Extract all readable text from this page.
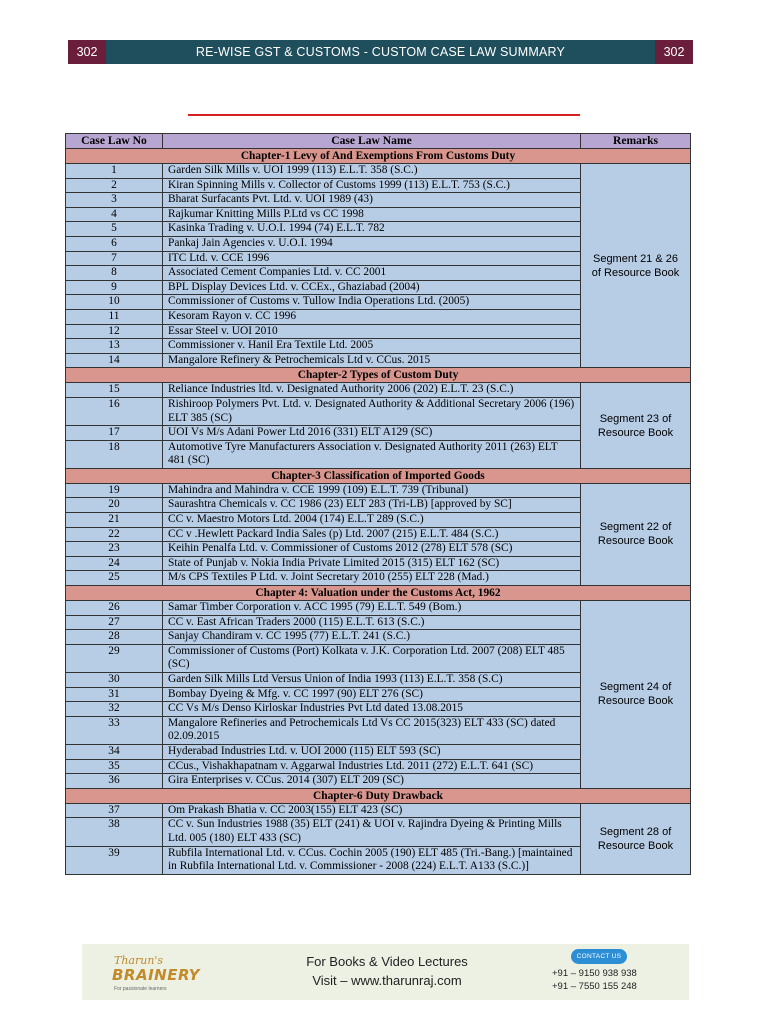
302	RE-WISE GST & CUSTOMS - CUSTOM CASE LAW SUMMARY	302
Case Law No	Case Law Name	Remarks
Chapter-1 Levy of And Exemptions From Customs Duty		
1	Garden Silk Mills v. UOI 1999 (113) E.L.T. 358 (S.C.)	Segment 21 & 26 of Resource Book
2	Kiran Spinning Mills v. Collector of Customs 1999 (113) E.L.T. 753 (S.C.)	
3	Bharat Surfacants Pvt. Ltd. v. UOI 1989 (43)	
4	Rajkumar Knitting Mills P.Ltd vs CC 1998	
5	Kasinka Trading v. U.O.I. 1994 (74) E.L.T. 782	
6	Pankaj Jain Agencies v. U.O.I. 1994	
7	ITC Ltd. v. CCE 1996	
8	Associated Cement Companies Ltd. v. CC 2001	
9	BPL Display Devices Ltd. v. CCEx., Ghaziabad (2004)	
10	Commissioner of Customs v. Tullow India Operations Ltd. (2005)	
11	Kesoram Rayon v. CC 1996	
12	Essar Steel v. UOI 2010	
13	Commissioner v. Hanil Era Textile Ltd. 2005	
14	Mangalore Refinery & Petrochemicals Ltd v. CCus. 2015	
Chapter-2 Types of Custom Duty		
15	Reliance Industries ltd. v. Designated Authority 2006 (202) E.L.T. 23 (S.C.)	Segment 23 of Resource Book
16	Rishiroop Polymers Pvt. Ltd. v. Designated Authority & Additional Secretary 2006 (196) ELT 385 (SC)	
17	UOI Vs M/s Adani Power Ltd 2016 (331) ELT A129 (SC)	
18	Automotive Tyre Manufacturers Association v. Designated Authority 2011 (263) ELT 481 (SC)	
Chapter-3 Classification of Imported Goods		
19	Mahindra and Mahindra v. CCE 1999 (109) E.L.T. 739 (Tribunal)	Segment 22 of Resource Book
20	Saurashtra Chemicals v. CC 1986 (23) ELT 283 (Tri-LB) [approved by SC]	
21	CC v. Maestro Motors Ltd. 2004 (174) E.L.T 289 (S.C.)	
22	CC v .Hewlett Packard India Sales (p) Ltd. 2007 (215) E.L.T. 484 (S.C.)	
23	Keihin Penalfa Ltd. v. Commissioner of Customs 2012 (278) ELT 578 (SC)	
24	State of Punjab v. Nokia India Private Limited 2015 (315) ELT 162 (SC)	
25	M/s CPS Textiles P Ltd. v. Joint Secretary 2010 (255) ELT 228 (Mad.)	
Chapter 4: Valuation under the Customs Act, 1962		
26	Samar Timber Corporation v. ACC 1995 (79) E.L.T. 549 (Bom.)	Segment 24 of Resource Book
27	CC v. East African Traders 2000 (115) E.L.T. 613 (S.C.)	
28	Sanjay Chandiram v. CC 1995 (77) E.L.T. 241 (S.C.)	
29	Commissioner of Customs (Port) Kolkata v. J.K. Corporation Ltd. 2007 (208) ELT 485 (SC)	
30	Garden Silk Mills Ltd Versus Union of India 1993 (113) E.L.T. 358 (S.C)	
31	Bombay Dyeing & Mfg. v. CC 1997 (90) ELT 276 (SC)	
32	CC Vs M/s Denso Kirloskar Industries Pvt Ltd dated 13.08.2015	
33	Mangalore Refineries and Petrochemicals Ltd Vs CC 2015(323) ELT 433 (SC) dated 02.09.2015	
34	Hyderabad Industries Ltd. v. UOI 2000 (115) ELT 593 (SC)	
35	CCus., Vishakhapatnam v. Aggarwal Industries Ltd. 2011 (272) E.L.T. 641 (SC)	
36	Gira Enterprises v. CCus. 2014 (307) ELT 209 (SC)	
Chapter-6 Duty Drawback		
37	Om Prakash Bhatia v. CC 2003(155) ELT 423 (SC)	Segment 28 of Resource Book
38	CC v. Sun Industries 1988 (35) ELT (241) & UOI v. Rajindra Dyeing & Printing Mills Ltd. 005 (180) ELT 433 (SC)	
39	Rubfila International Ltd. v. CCus. Cochin 2005 (190) ELT 485 (Tri.-Bang.) [maintained in Rubfila International Ltd. v. Commissioner - 2008 (224) E.L.T. A133 (S.C.)]	
Tharun's
BRAINERY
For passionate learners
For Books & Video Lectures
Visit – www.tharunraj.com
CONTACT US
+91 – 9150 938 938
+91 – 7550 155 248
